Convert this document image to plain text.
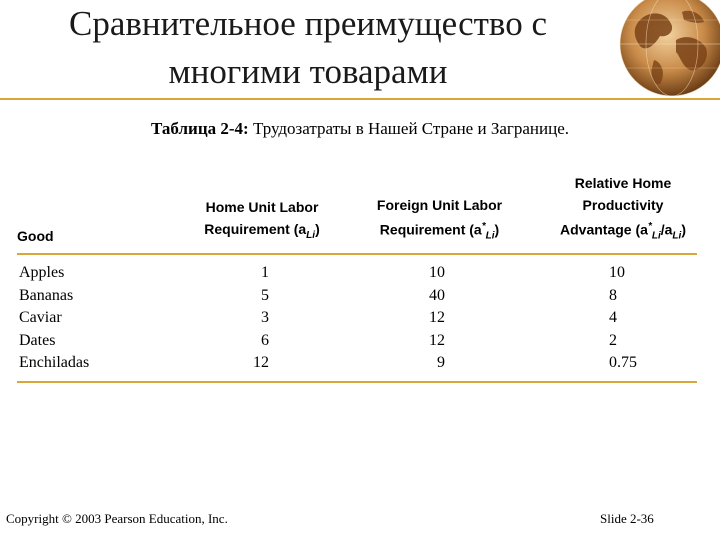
Сравнительное преимущество с
многими товарами
Таблица 2-4: Трудозатраты в Нашей Стране и Загранице.
Good
Home Unit Labor
Requirement $(a_{Li})$
Foreign Unit Labor
Requirement $(a^*_{Li})$
Relative Home
Productivity
Advantage $(a^*_{Li}/a_{Li})$
Apples	1	10	10
Bananas	5	40	8
Caviar	3	12	4
Dates	6	12	2
Enchiladas	12	9	0.75
Copyright © 2003 Pearson Education, Inc.	Slide 2-36
